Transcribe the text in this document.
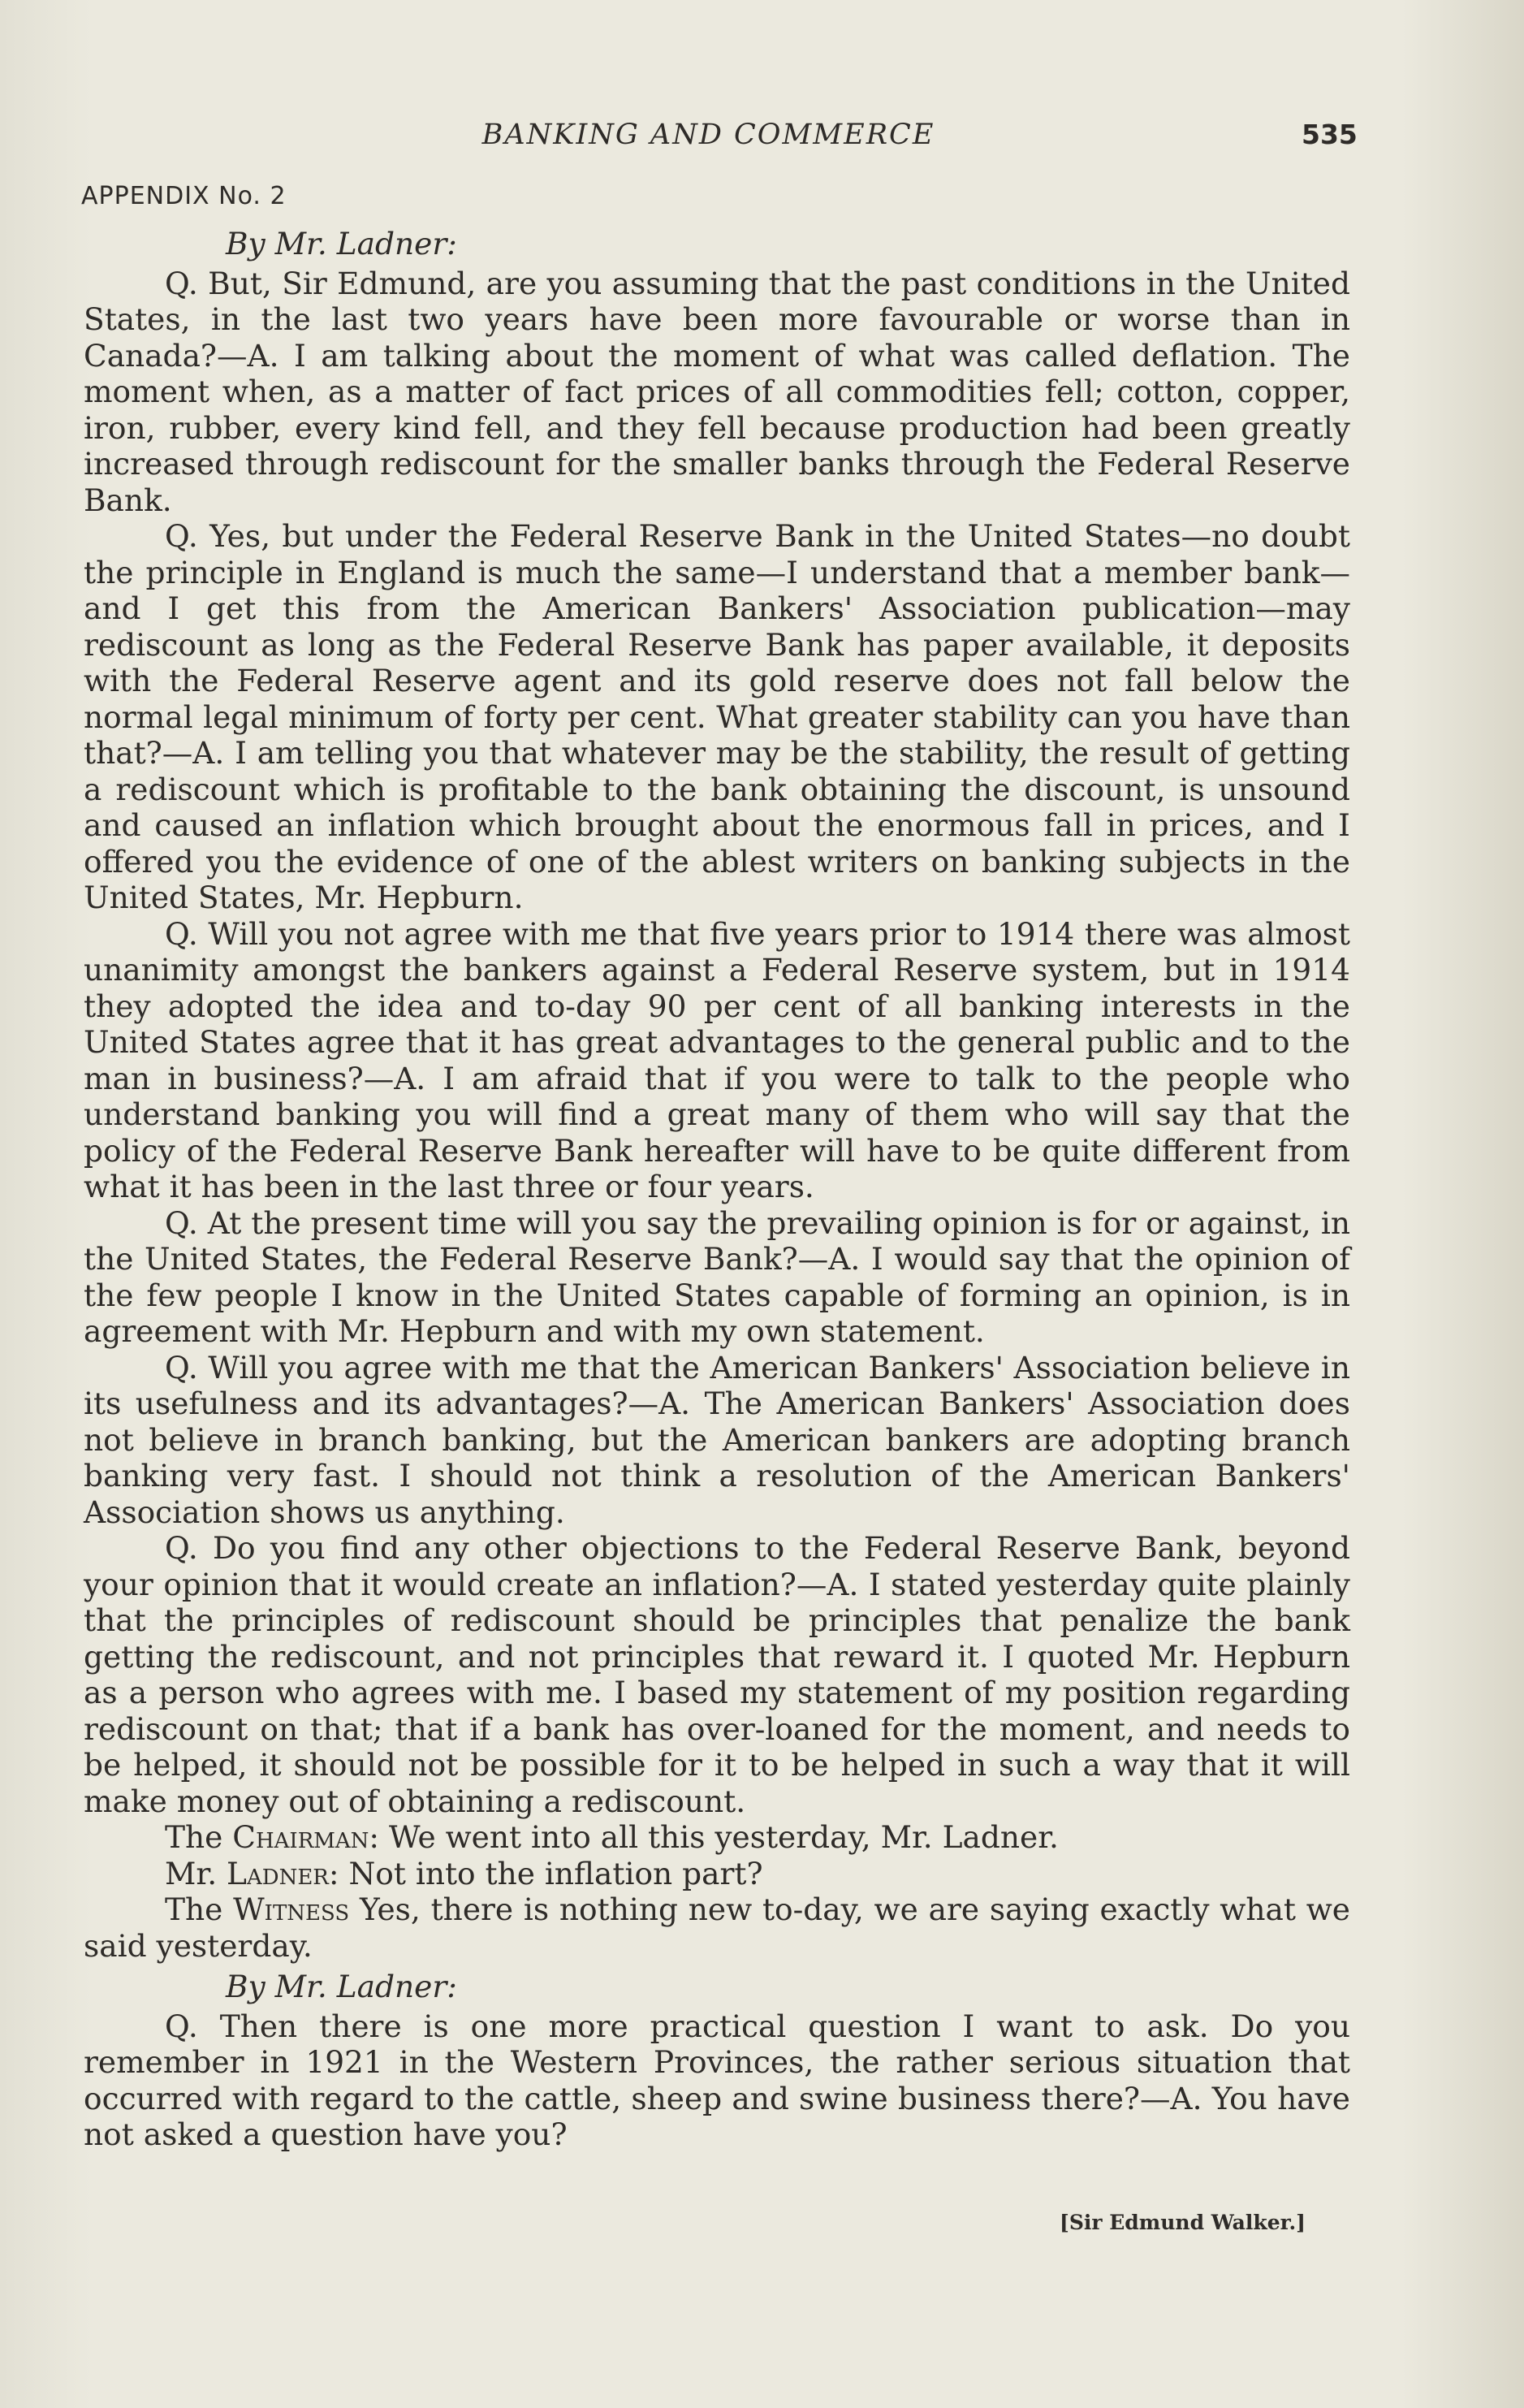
BANKING AND COMMERCE	535
APPENDIX No. 2

By Mr. Ladner:

Q. But, Sir Edmund, are you assuming that the past conditions in the United States, in the last two years have been more favourable or worse than in Canada?—A. I am talking about the moment of what was called deflation. The moment when, as a matter of fact prices of all commodities fell; cotton, copper, iron, rubber, every kind fell, and they fell because production had been greatly increased through rediscount for the smaller banks through the Federal Reserve Bank.

Q. Yes, but under the Federal Reserve Bank in the United States—no doubt the principle in England is much the same—I understand that a member bank—and I get this from the American Bankers' Association publication—may rediscount as long as the Federal Reserve Bank has paper available, it deposits with the Federal Reserve agent and its gold reserve does not fall below the normal legal minimum of forty per cent. What greater stability can you have than that?—A. I am telling you that whatever may be the stability, the result of getting a rediscount which is profitable to the bank obtaining the discount, is unsound and caused an inflation which brought about the enormous fall in prices, and I offered you the evidence of one of the ablest writers on banking subjects in the United States, Mr. Hepburn.

Q. Will you not agree with me that five years prior to 1914 there was almost unanimity amongst the bankers against a Federal Reserve system, but in 1914 they adopted the idea and to-day 90 per cent of all banking interests in the United States agree that it has great advantages to the general public and to the man in business?—A. I am afraid that if you were to talk to the people who understand banking you will find a great many of them who will say that the policy of the Federal Reserve Bank hereafter will have to be quite different from what it has been in the last three or four years.

Q. At the present time will you say the prevailing opinion is for or against, in the United States, the Federal Reserve Bank?—A. I would say that the opinion of the few people I know in the United States capable of forming an opinion, is in agreement with Mr. Hepburn and with my own statement.

Q. Will you agree with me that the American Bankers' Association believe in its usefulness and its advantages?—A. The American Bankers' Association does not believe in branch banking, but the American bankers are adopting branch banking very fast. I should not think a resolution of the American Bankers' Association shows us anything.

Q. Do you find any other objections to the Federal Reserve Bank, beyond your opinion that it would create an inflation?—A. I stated yesterday quite plainly that the principles of rediscount should be principles that penalize the bank getting the rediscount, and not principles that reward it. I quoted Mr. Hepburn as a person who agrees with me. I based my statement of my position regarding rediscount on that; that if a bank has over-loaned for the moment, and needs to be helped, it should not be possible for it to be helped in such a way that it will make money out of obtaining a rediscount.

The Chairman: We went into all this yesterday, Mr. Ladner.

Mr. Ladner: Not into the inflation part?

The Witness Yes, there is nothing new to-day, we are saying exactly what we said yesterday.

By Mr. Ladner:

Q. Then there is one more practical question I want to ask. Do you remember in 1921 in the Western Provinces, the rather serious situation that occurred with regard to the cattle, sheep and swine business there?—A. You have not asked a question have you?

[Sir Edmund Walker.]
